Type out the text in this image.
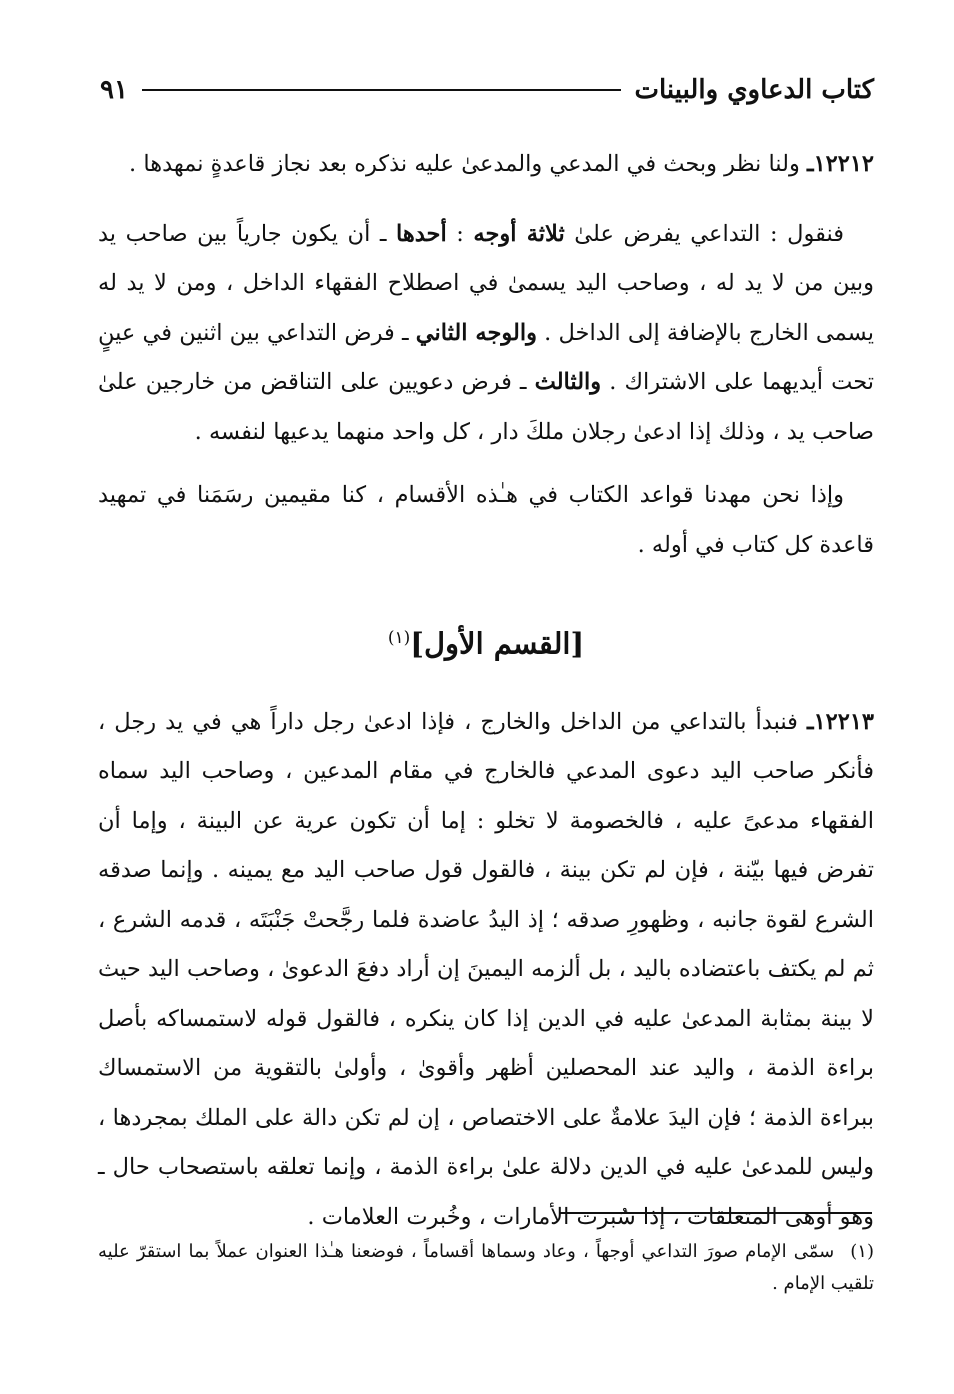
كتاب الدعاوي والبينات
٩١

١٢٢١٢ـ ولنا نظر وبحث في المدعي والمدعىٰ عليه نذكره بعد نجاز قاعدةٍ نمهدها .

فنقول : التداعي يفرض علىٰ ثلاثة أوجه : أحدها ـ أن يكون جارياً بين صاحب يد وبين من لا يد له ، وصاحب اليد يسمىٰ في اصطلاح الفقهاء الداخل ، ومن لا يد له يسمى الخارج بالإضافة إلى الداخل . والوجه الثاني ـ فرض التداعي بين اثنين في عينٍ تحت أيديهما على الاشتراك . والثالث ـ فرض دعويين على التناقض من خارجين علىٰ صاحب يد ، وذلك إذا ادعىٰ رجلان ملكَ دار ، كل واحد منهما يدعيها لنفسه .

وإذا نحن مهدنا قواعد الكتاب في هـٰذه الأقسام ، كنا مقيمين رسَمَنا في تمهيد قاعدة كل كتاب في أوله .

[القسم الأول]$^{(١)}$

١٢٢١٣ـ فنبدأ بالتداعي من الداخل والخارج ، فإذا ادعىٰ رجل داراً هي في يد رجل ، فأنكر صاحب اليد دعوى المدعي فالخارج في مقام المدعين ، وصاحب اليد سماه الفقهاء مدعىً عليه ، فالخصومة لا تخلو : إما أن تكون عرية عن البينة ، وإما أن تفرض فيها بيّنة ، فإن لم تكن بينة ، فالقول قول صاحب اليد مع يمينه . وإنما صدقه الشرع لقوة جانبه ، وظهورِ صدقه ؛ إذ اليدُ عاضدة فلما رجَّحتْ جَنْبَتَه ، قدمه الشرع ، ثم لم يكتف باعتضاده باليد ، بل ألزمه اليمينَ إن أراد دفعَ الدعوىٰ ، وصاحب اليد حيث لا بينة بمثابة المدعىٰ عليه في الدين إذا كان ينكره ، فالقول قوله لاستمساكه بأصل براءة الذمة ، واليد عند المحصلين أظهر وأقوىٰ ، وأولىٰ بالتقوية من الاستمساك ببراءة الذمة ؛ فإن اليدَ علامةٌ على الاختصاص ، إن لم تكن دالة على الملك بمجردها ، وليس للمدعىٰ عليه في الدين دلالة علىٰ براءة الذمة ، وإنما تعلقه باستصحاب حال ـ وهو أوهى المتعلقات ، إذا سُبرت الأمارات ، وخُبرت العلامات .

(١)سمّى الإمام صورَ التداعي أوجهاً ، وعاد وسماها أقساماً ، فوضعنا هـٰذا العنوان عملاً بما استقرّ عليه تلقيب الإمام .
